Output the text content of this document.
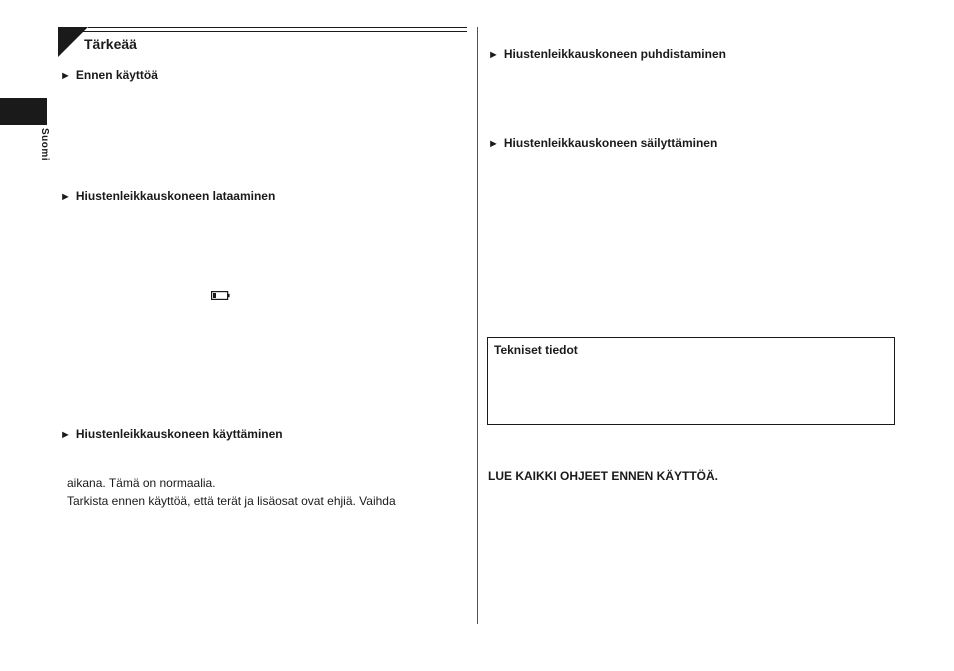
Suomi
Tärkeää
► Ennen käyttöä
► Hiustenleikkauskoneen lataaminen
► Hiustenleikkauskoneen käyttäminen
aikana. Tämä on normaalia.
Tarkista ennen käyttöä, että terät ja lisäosat ovat ehjiä. Vaihda
► Hiustenleikkauskoneen puhdistaminen
► Hiustenleikkauskoneen säilyttäminen
Tekniset tiedot
LUE KAIKKI OHJEET ENNEN KÄYTTÖÄ.
